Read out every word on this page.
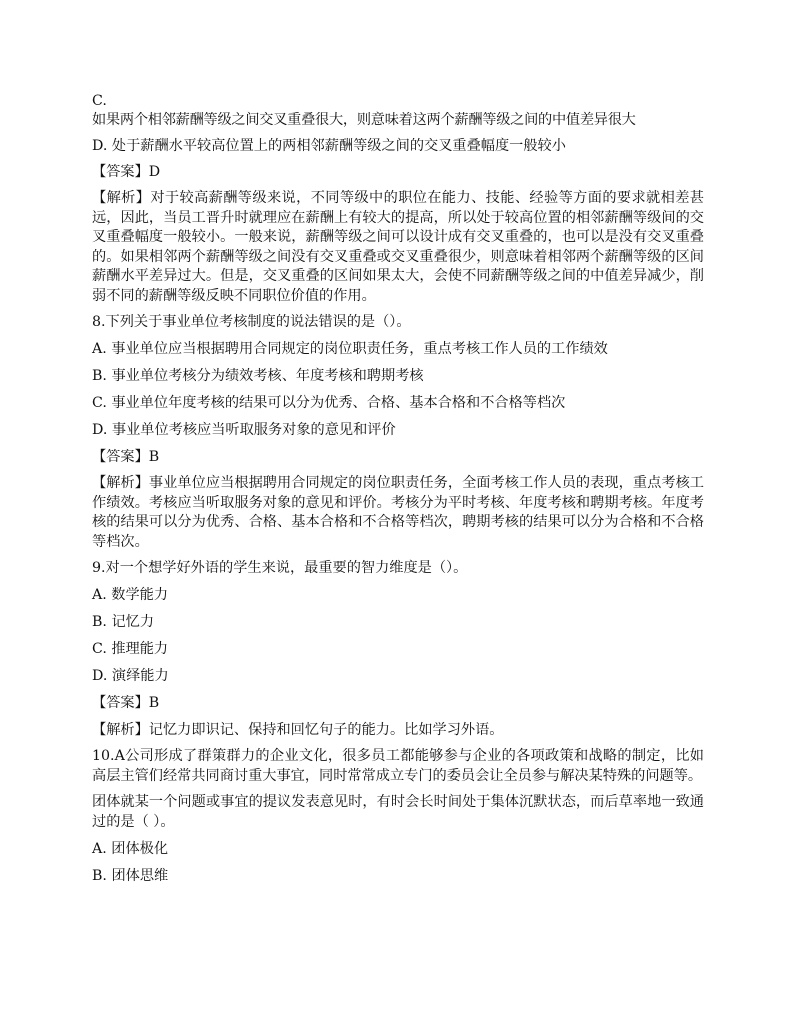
C.

如果两个相邻薪酬等级之间交叉重叠很大，则意味着这两个薪酬等级之间的中值差异很大

D. 处于薪酬水平较高位置上的两相邻薪酬等级之间的交叉重叠幅度一般较小

【答案】D

【解析】对于较高薪酬等级来说，不同等级中的职位在能力、技能、经验等方面的要求就相差甚远，因此，当员工晋升时就理应在薪酬上有较大的提高，所以处于较高位置的相邻薪酬等级间的交叉重叠幅度一般较小。一般来说，薪酬等级之间可以设计成有交叉重叠的，也可以是没有交叉重叠的。如果相邻两个薪酬等级之间没有交叉重叠或交叉重叠很少，则意味着相邻两个薪酬等级的区间薪酬水平差异过大。但是，交叉重叠的区间如果太大，会使不同薪酬等级之间的中值差异减少，削弱不同的薪酬等级反映不同职位价值的作用。

8.下列关于事业单位考核制度的说法错误的是（）。

A. 事业单位应当根据聘用合同规定的岗位职责任务，重点考核工作人员的工作绩效

B. 事业单位考核分为绩效考核、年度考核和聘期考核

C. 事业单位年度考核的结果可以分为优秀、合格、基本合格和不合格等档次

D. 事业单位考核应当听取服务对象的意见和评价

【答案】B

【解析】事业单位应当根据聘用合同规定的岗位职责任务，全面考核工作人员的表现，重点考核工作绩效。考核应当听取服务对象的意见和评价。考核分为平时考核、年度考核和聘期考核。年度考核的结果可以分为优秀、合格、基本合格和不合格等档次，聘期考核的结果可以分为合格和不合格等档次。

9.对一个想学好外语的学生来说，最重要的智力维度是（）。

A. 数学能力

B. 记忆力

C. 推理能力

D. 演绎能力

【答案】B

【解析】记忆力即识记、保持和回忆句子的能力。比如学习外语。

10.A公司形成了群策群力的企业文化，很多员工都能够参与企业的各项政策和战略的制定，比如高层主管们经常共同商讨重大事宜，同时常常成立专门的委员会让全员参与解决某特殊的问题等。

团体就某一个问题或事宜的提议发表意见时，有时会长时间处于集体沉默状态，而后草率地一致通过的是（ ）。

A. 团体极化

B. 团体思维
